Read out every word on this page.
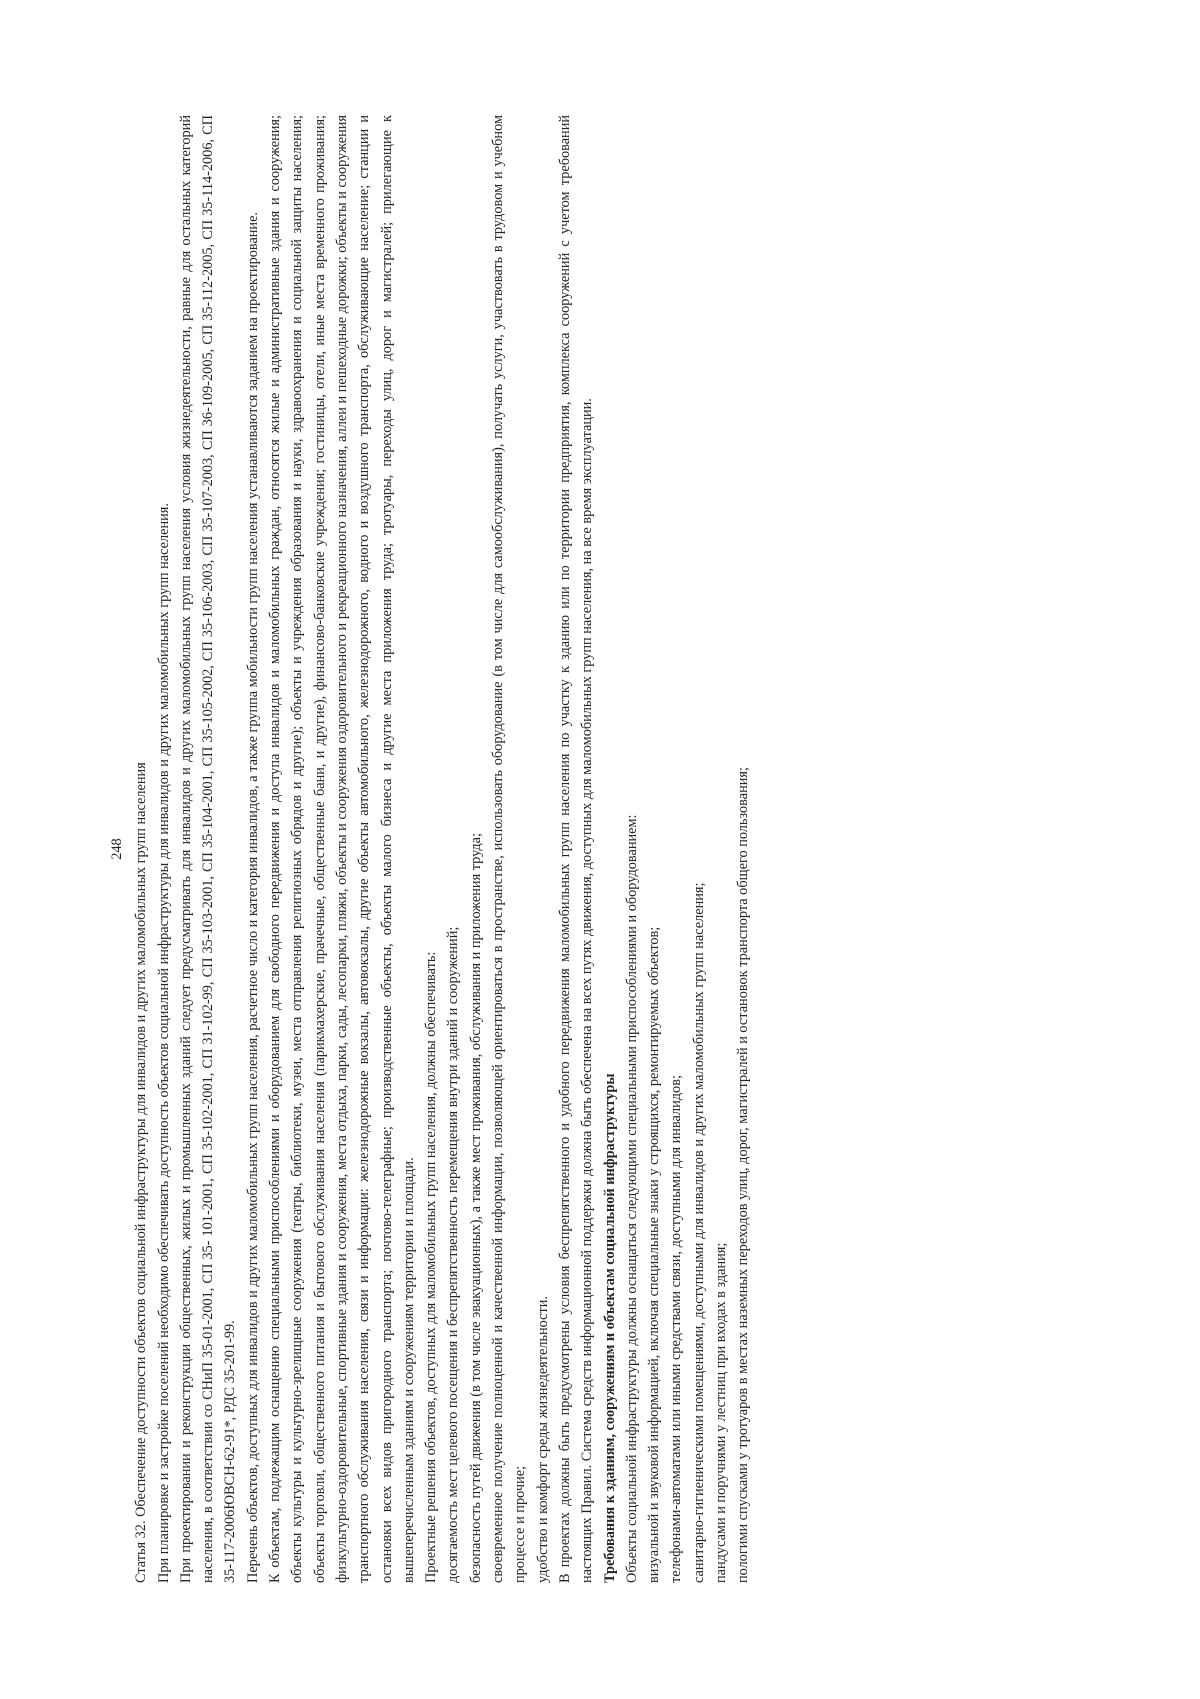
248 Статья 32. Обеспечение доступности объектов социальной инфраструктуры для инвалидов и других маломобильных групп населения При планировке и застройке поселений необходимо обеспечивать доступность объектов социальной инфраструктуры для инвалидов и других маломобильных групп населения. При проектировании и реконструкции общественных, жилых и промышленных зданий следует предусматривать для инвалидов и других маломобильных групп населения условия жизнедеятельности, равные для остальных категорий населения, в соответствии со СНиП 35-01-2001, СП 35- 101-2001, СП 35-102-2001, СП 31-102-99, СП 35-103-2001, СП 35-104-2001, СП 35-105-2002, СП 35-106-2003, СП 35-107-2003, СП 36-109-2005, СП 35-112-2005, СП 35-114-2006, СП 35-117-2006ЮВСН-62-91*, РДС 35-201-99. Перечень объектов, доступных для инвалидов и других маломобильных групп населения, расчетное число и категория инвалидов, а также группа мобильности групп населения устанавливаются заданием на проектирование. К объектам, подлежащим оснащению специальными приспособлениями и оборудованием для свободного передвижения и доступа инвалидов и маломобильных граждан, относятся жилые и административные здания и сооружения; объекты культуры и культурно-зрелищные сооружения (театры, библиотеки, музеи, места отправления религиозных обрядов и другие); объекты и учреждения образования и науки, здравоохранения и социальной защиты населения; объекты торговли, общественного питания и бытового обслуживания населения (парикмахерские, прачечные, общественные бани, и другие), финансово-банковские учреждения; гостиницы, отели, иные места временного проживания; физкультурно-оздоровительные, спортивные здания и сооружения, места отдыха, парки, сады, лесопарки, пляжи, объекты и сооружения оздоровительного и рекреационного назначения, аллеи и пешеходные дорожки; объекты и сооружения транспортного обслуживания населения, связи и информации: железнодорожные вокзалы, автовокзалы, другие объекты автомобильного, железнодорожного, водного и воздушного транспорта, обслуживающие население; станции и остановки всех видов пригородного транспорта; почтово-телеграфные; производственные объекты, объекты малого бизнеса и другие места приложения труда; тротуары, переходы улиц, дорог и магистралей; прилегающие к вышеперечисленным зданиям и сооружениям территории и площади. Проектные решения объектов, доступных для маломобильных групп населения, должны обеспечивать: досягаемость мест целевого посещения и беспрепятственность перемещения внутри зданий и сооружений; безопасность путей движения (в том числе эвакуационных), а также мест проживания, обслуживания и приложения труда; своевременное получение полноценной и качественной информации, позволяющей ориентироваться в пространстве, использовать оборудование (в том числе для самообслуживания), получать услуги, участвовать в трудовом и учебном процессе и прочие; удобство и комфорт среды жизнедеятельности. В проектах должны быть предусмотрены условия беспрепятственного и удобного передвижения маломобильных групп населения по участку к зданию или по территории предприятия, комплекса сооружений с учетом требований настоящих Правил. Система средств информационной поддержки должна быть обеспечена на всех путях движения, доступных для маломобильных групп населения, на все время эксплуатации. Требования к зданиям, сооружениям и объектам социальной инфраструктуры Объекты социальной инфраструктуры должны оснащаться следующими специальными приспособлениями и оборудованием: визуальной и звуковой информацией, включая специальные знаки у строящихся, ремонтируемых объектов; телефонами-автоматами или иными средствами связи, доступными для инвалидов; санитарно-гигиеническими помещениями, доступными для инвалидов и других маломобильных групп населения; пандусами и поручнями у лестниц при входах в здания; пологими спусками у тротуаров в местах наземных переходов улиц, дорог, магистралей и остановок транспорта общего пользования;
